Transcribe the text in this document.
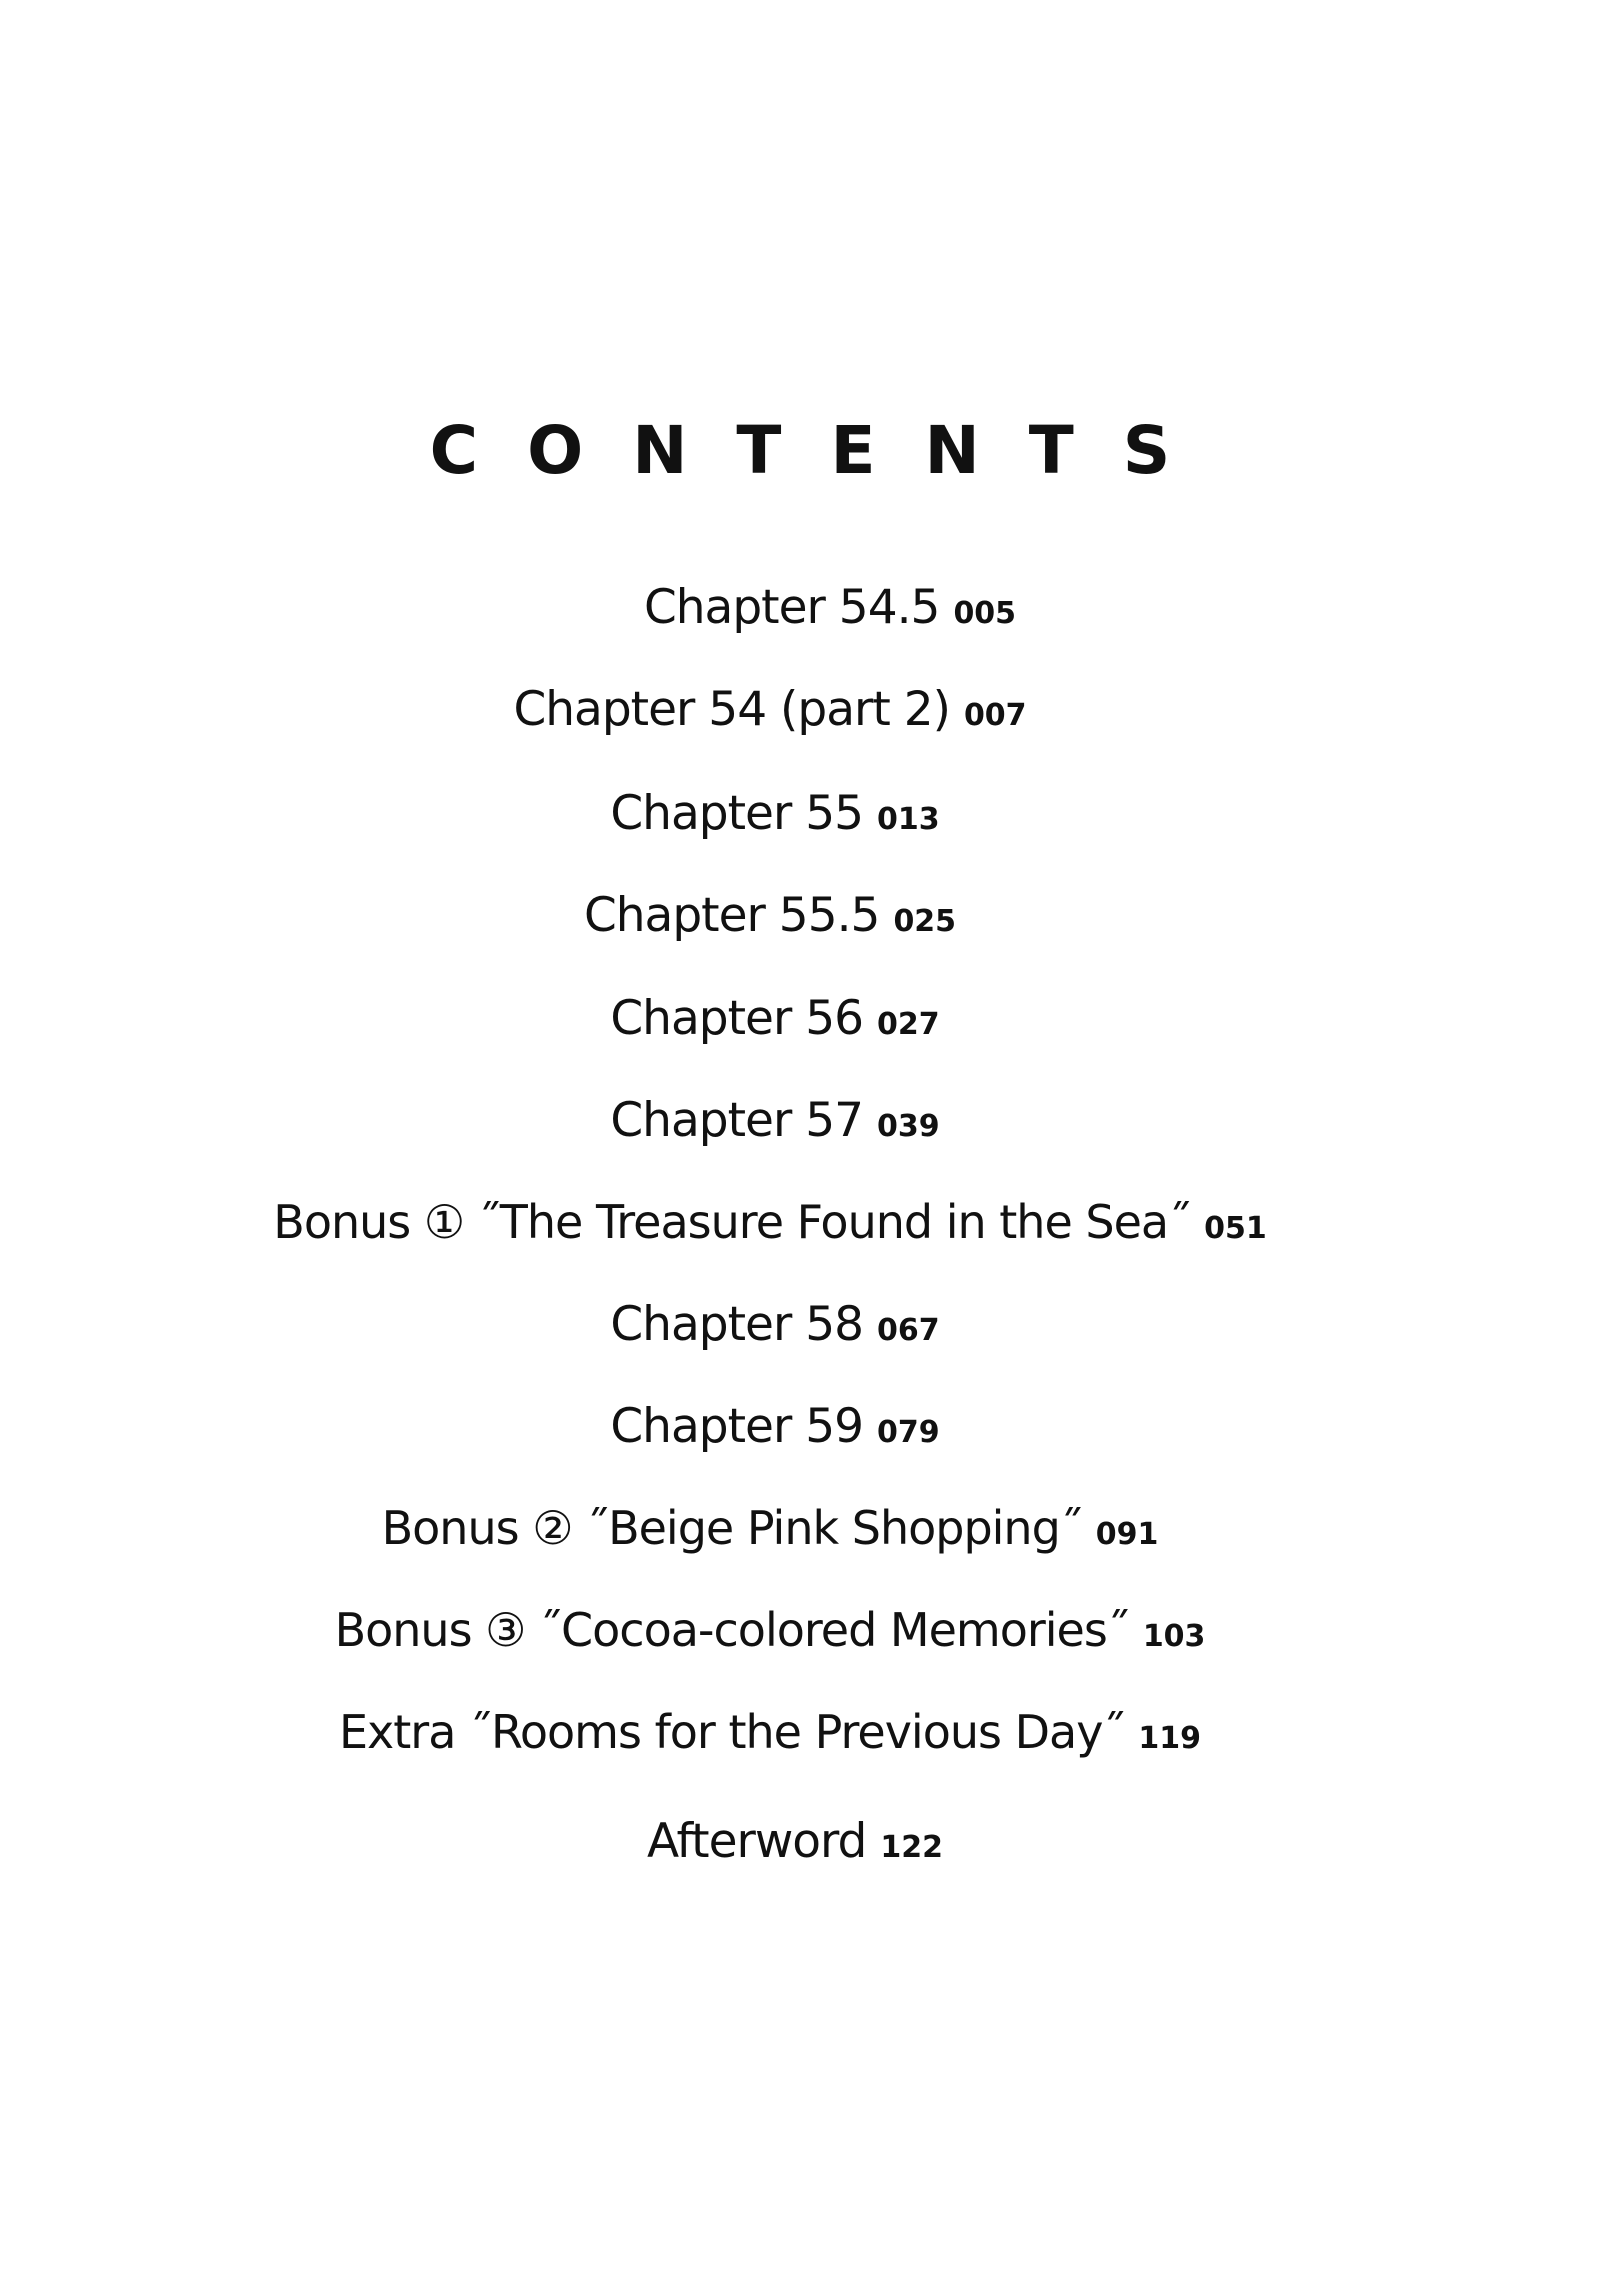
CONTENTS
Chapter 54.5 005
Chapter 54 (part 2) 007
Chapter 55 013
Chapter 55.5 025
Chapter 56 027
Chapter 57 039
Bonus ① ˝The Treasure Found in the Sea˝ 051
Chapter 58 067
Chapter 59 079
Bonus ② ˝Beige Pink Shopping˝ 091
Bonus ③ ˝Cocoa-colored Memories˝ 103
Extra ˝Rooms for the Previous Day˝ 119
Afterword 122
